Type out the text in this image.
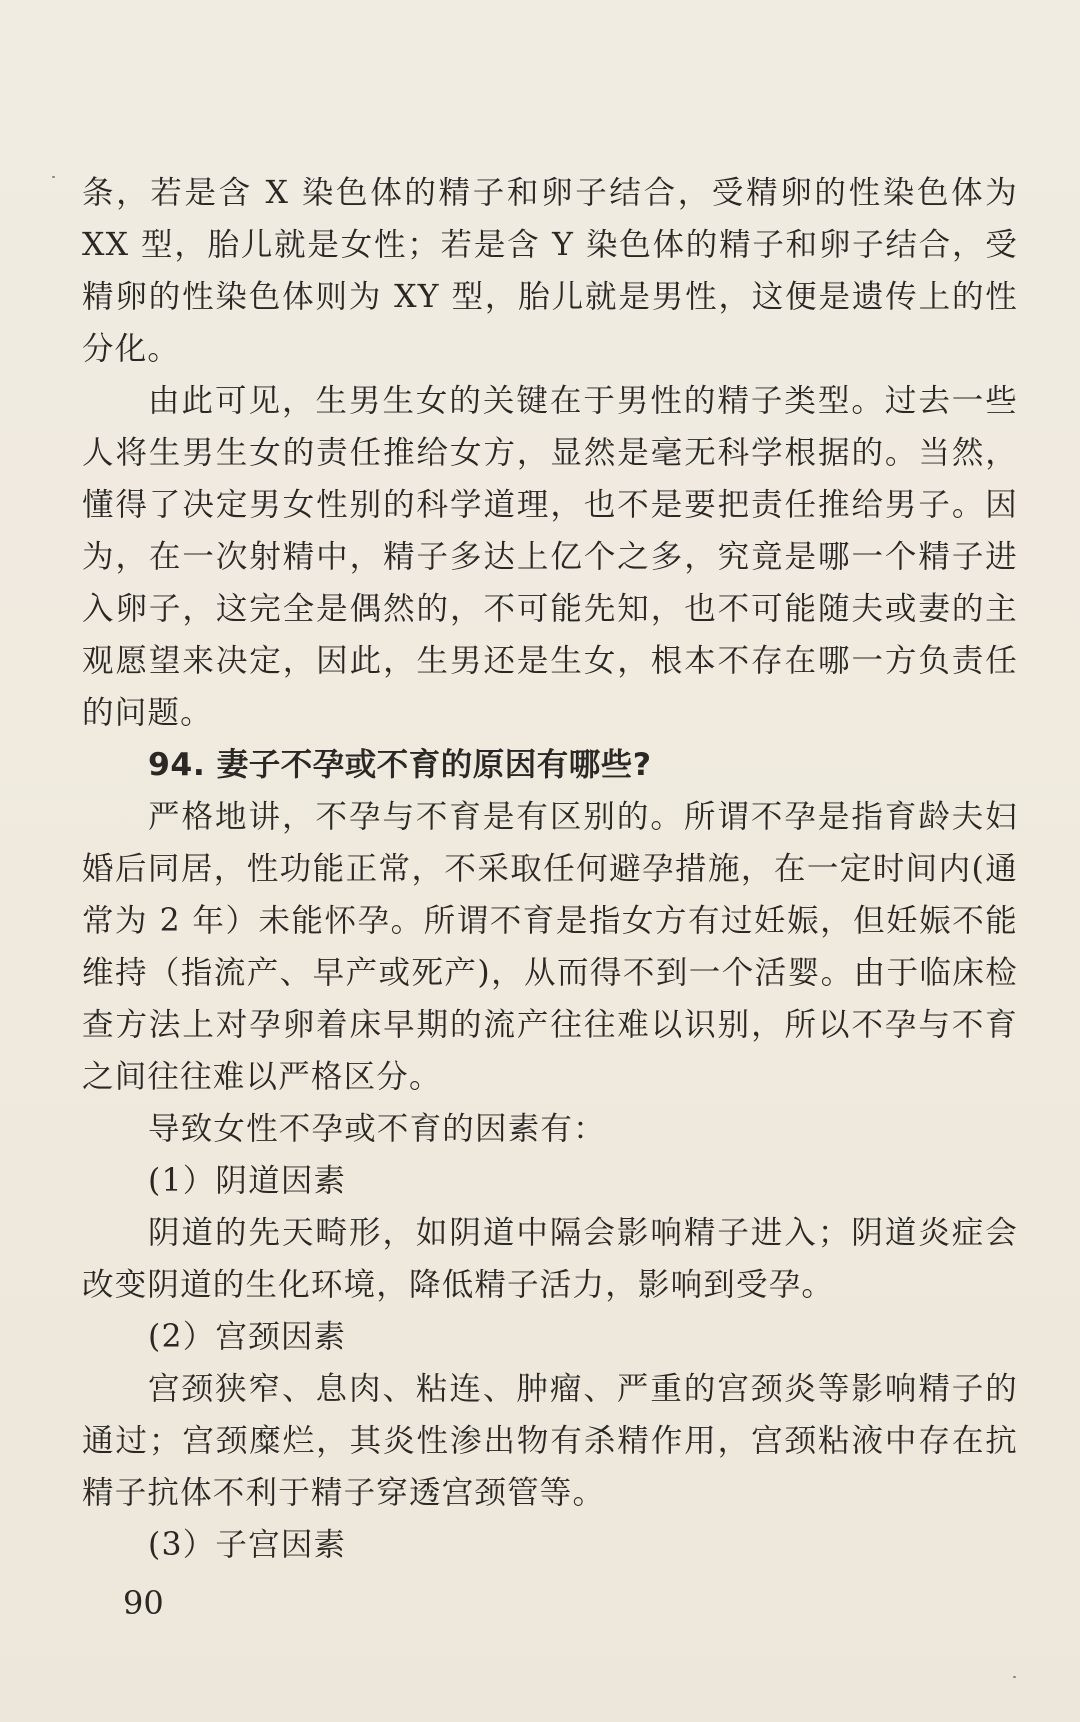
条，若是含 X 染色体的精子和卵子结合，受精卵的性染色体为XX 型，胎儿就是女性；若是含 Y 染色体的精子和卵子结合，受精卵的性染色体则为 XY 型，胎儿就是男性，这便是遗传上的性分化。

由此可见，生男生女的关键在于男性的精子类型。过去一些人将生男生女的责任推给女方，显然是毫无科学根据的。当然，懂得了决定男女性别的科学道理，也不是要把责任推给男子。因为，在一次射精中，精子多达上亿个之多，究竟是哪一个精子进入卵子，这完全是偶然的，不可能先知，也不可能随夫或妻的主观愿望来决定，因此，生男还是生女，根本不存在哪一方负责任的问题。

94. 妻子不孕或不育的原因有哪些?

严格地讲，不孕与不育是有区别的。所谓不孕是指育龄夫妇婚后同居，性功能正常，不采取任何避孕措施，在一定时间内(通常为 2 年）未能怀孕。所谓不育是指女方有过妊娠，但妊娠不能维持（指流产、早产或死产)，从而得不到一个活婴。由于临床检查方法上对孕卵着床早期的流产往往难以识别，所以不孕与不育之间往往难以严格区分。

导致女性不孕或不育的因素有：

(1）阴道因素

阴道的先天畸形，如阴道中隔会影响精子进入；阴道炎症会改变阴道的生化环境，降低精子活力，影响到受孕。

(2）宫颈因素

宫颈狭窄、息肉、粘连、肿瘤、严重的宫颈炎等影响精子的通过；宫颈糜烂，其炎性渗出物有杀精作用，宫颈粘液中存在抗精子抗体不利于精子穿透宫颈管等。

(3）子宫因素

90
